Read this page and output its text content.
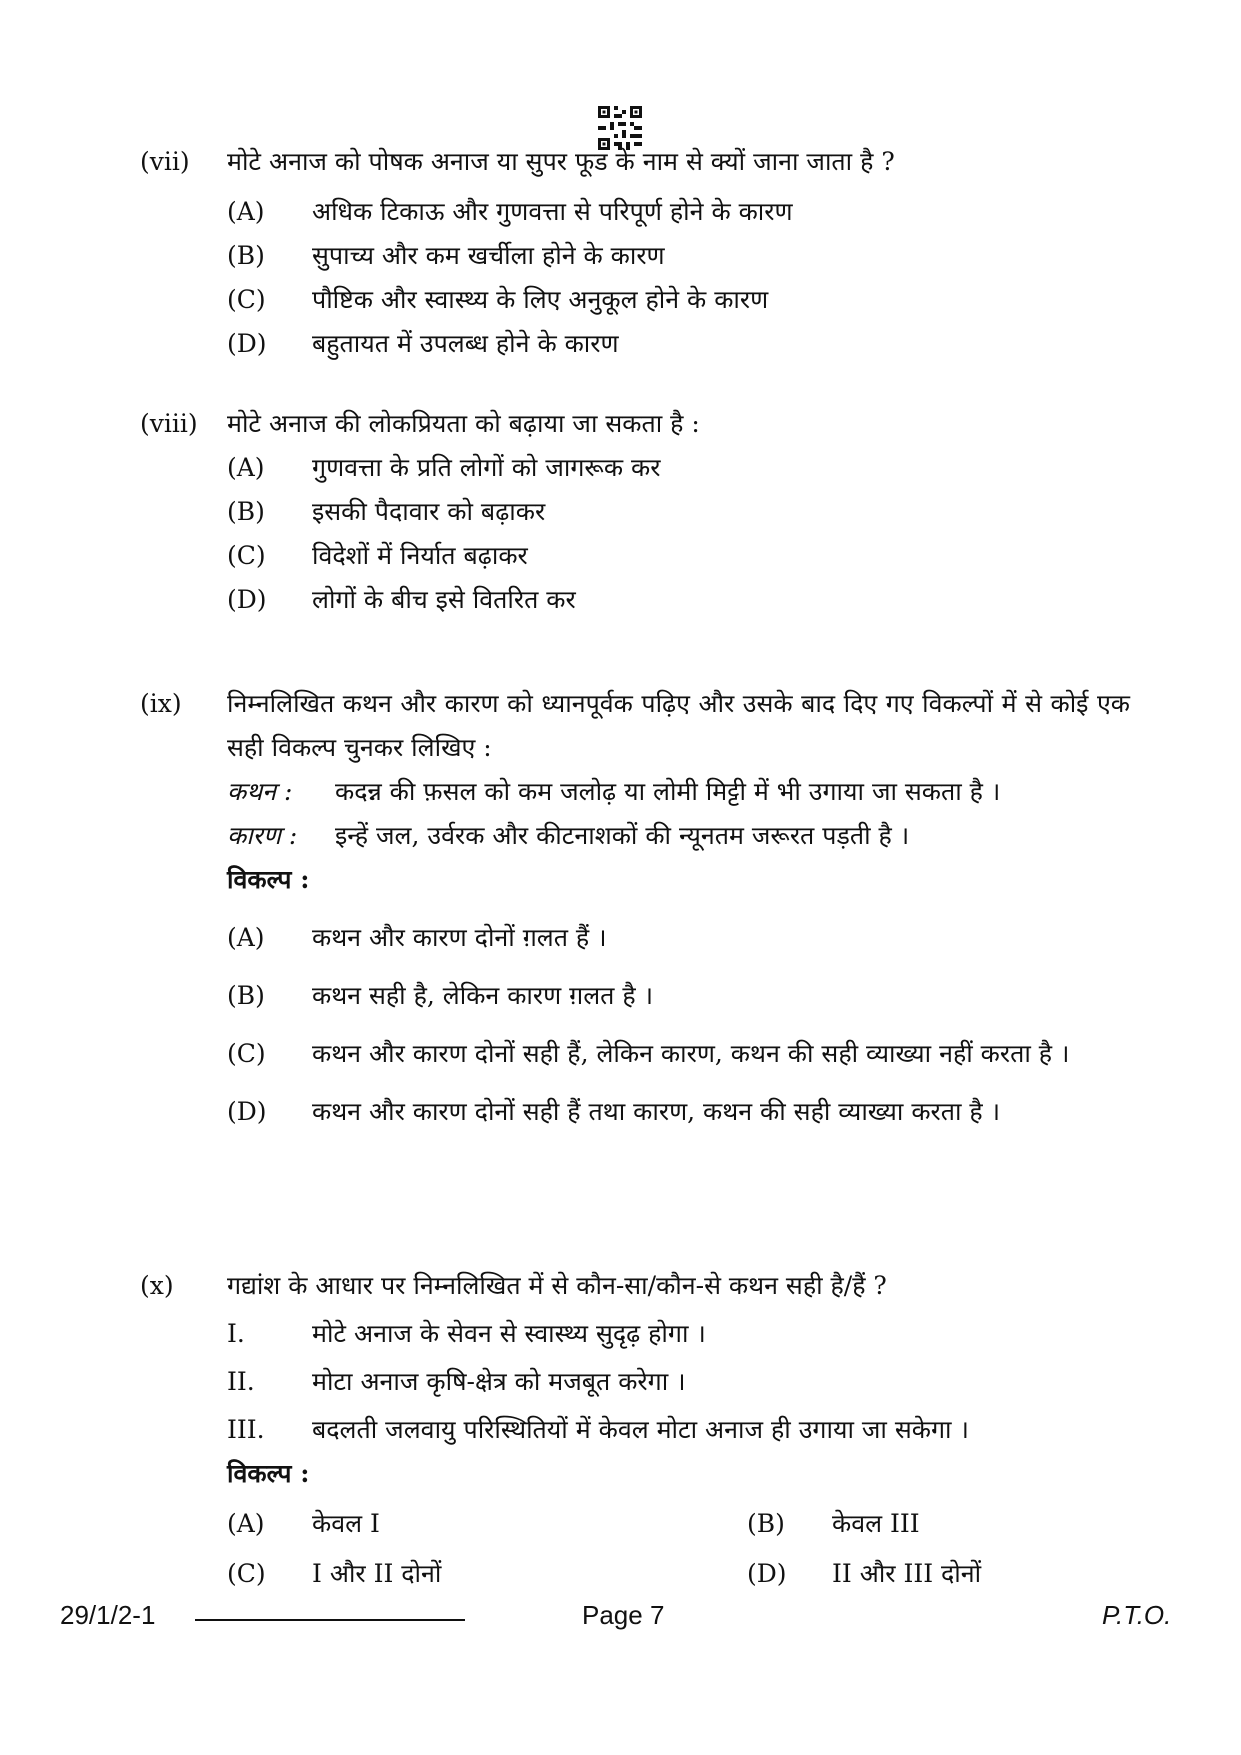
(vii) मोटे अनाज को पोषक अनाज या सुपर फूड के नाम से क्यों जाना जाता है ?
(A) अधिक टिकाऊ और गुणवत्ता से परिपूर्ण होने के कारण
(B) सुपाच्य और कम खर्चीला होने के कारण
(C) पौष्टिक और स्वास्थ्य के लिए अनुकूल होने के कारण
(D) बहुतायत में उपलब्ध होने के कारण
(viii) मोटे अनाज की लोकप्रियता को बढ़ाया जा सकता है :
(A) गुणवत्ता के प्रति लोगों को जागरूक कर
(B) इसकी पैदावार को बढ़ाकर
(C) विदेशों में निर्यात बढ़ाकर
(D) लोगों के बीच इसे वितरित कर
(ix) निम्नलिखित कथन और कारण को ध्यानपूर्वक पढ़िए और उसके बाद दिए गए विकल्पों में से कोई एक सही विकल्प चुनकर लिखिए :
कथन : कदन्न की फ़सल को कम जलोढ़ या लोमी मिट्टी में भी उगाया जा सकता है ।
कारण : इन्हें जल, उर्वरक और कीटनाशकों की न्यूनतम जरूरत पड़ती है ।
विकल्प :
(A) कथन और कारण दोनों ग़लत हैं ।
(B) कथन सही है, लेकिन कारण ग़लत है ।
(C) कथन और कारण दोनों सही हैं, लेकिन कारण, कथन की सही व्याख्या नहीं करता है ।
(D) कथन और कारण दोनों सही हैं तथा कारण, कथन की सही व्याख्या करता है ।
(x) गद्यांश के आधार पर निम्नलिखित में से कौन-सा/कौन-से कथन सही है/हैं ?
I.	मोटे अनाज के सेवन से स्वास्थ्य सुदृढ़ होगा ।
II. मोटा अनाज कृषि-क्षेत्र को मजबूत करेगा ।
III. बदलती जलवायु परिस्थितियों में केवल मोटा अनाज ही उगाया जा सकेगा ।
विकल्प :
(A) केवल I	(B) केवल III
(C) I और II दोनों	(D) II और III दोनों
29/1/2-1	Page 7	P.T.O.
